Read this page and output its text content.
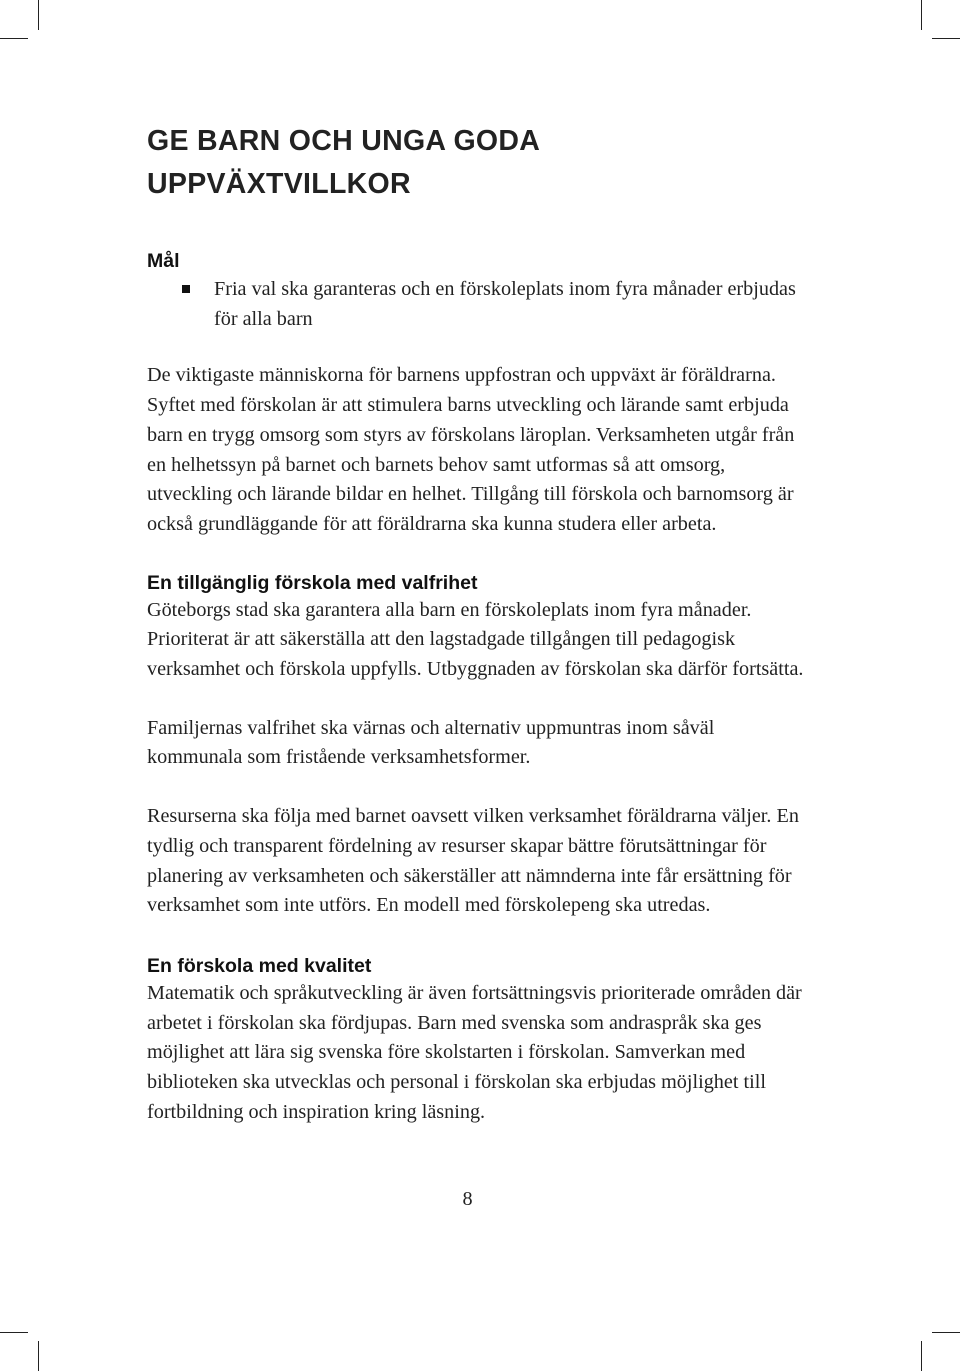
GE BARN OCH UNGA GODA
UPPVÄXTVILLKOR
Mål
Fria val ska garanteras och en förskoleplats inom fyra månader erbjudas för alla barn

De viktigaste människorna för barnens uppfostran och uppväxt är föräldrarna. Syftet med förskolan är att stimulera barns utveckling och lärande samt erbjuda barn en trygg omsorg som styrs av förskolans läroplan. Verksamheten utgår från en helhetssyn på barnet och barnets behov samt utformas så att omsorg, utveckling och lärande bildar en helhet. Tillgång till förskola och barnomsorg är också grundläggande för att föräldrarna ska kunna studera eller arbeta.

En tillgänglig förskola med valfrihet

Göteborgs stad ska garantera alla barn en förskoleplats inom fyra månader. Prioriterat är att säkerställa att den lagstadgade tillgången till pedagogisk verksamhet och förskola uppfylls. Utbyggnaden av förskolan ska därför fortsätta.

Familjernas valfrihet ska värnas och alternativ uppmuntras inom såväl kommunala som fristående verksamhetsformer.

Resurserna ska följa med barnet oavsett vilken verksamhet föräldrarna väljer. En tydlig och transparent fördelning av resurser skapar bättre förutsättningar för planering av verksamheten och säkerställer att nämnderna inte får ersättning för verksamhet som inte utförs. En modell med förskolepeng ska utredas.

En förskola med kvalitet

Matematik och språkutveckling är även fortsättningsvis prioriterade områden där arbetet i förskolan ska fördjupas. Barn med svenska som andraspråk ska ges möjlighet att lära sig svenska före skolstarten i förskolan. Samverkan med biblioteken ska utvecklas och personal i förskolan ska erbjudas möjlighet till fortbildning och inspiration kring läsning.

8
